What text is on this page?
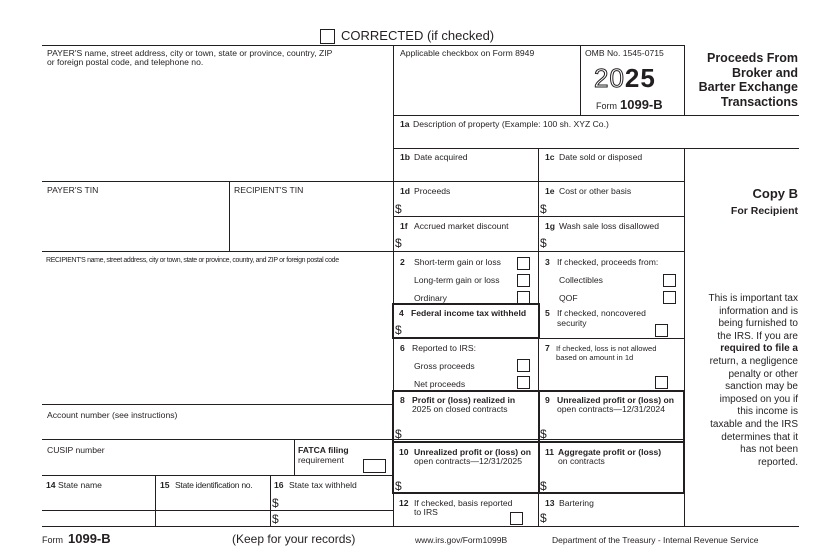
CORRECTED (if checked)
PAYER'S name, street address, city or town, state or province, country, ZIP
or foreign postal code, and telephone no.
PAYER'S TIN	RECIPIENT'S TIN
RECIPIENT'S name, street address, city or town, state or province, country, and ZIP or foreign postal code
Account number (see instructions)
CUSIP number	FATCA filing
requirement
14 State name	15 State identification no.	16 State tax withheld
$
$
Applicable checkbox on Form 8949	OMB No. 1545-0715
2025
Form 1099-B
Proceeds From
Broker and
Barter Exchange
Transactions
1a Description of property (Example: 100 sh. XYZ Co.)
1b Date acquired	1c Date sold or disposed
1d Proceeds
$
1e Cost or other basis
$
1f Accrued market discount
$
1g Wash sale loss disallowed
$
2 Short-term gain or loss
Long-term gain or loss
Ordinary
3 If checked, proceeds from:
Collectibles
QOF
4 Federal income tax withheld
$
5 If checked, noncovered
security
6 Reported to IRS:
Gross proceeds
Net proceeds
7 If checked, loss is not allowed
based on amount in 1d
8 Profit or (loss) realized in
2025 on closed contracts
$
9 Unrealized profit or (loss) on
open contracts—12/31/2024
$
10 Unrealized profit or (loss) on
open contracts—12/31/2025
$
11 Aggregate profit or (loss)
on contracts
$
12 If checked, basis reported
to IRS
13 Bartering
$
Copy B
For Recipient
This is important tax
information and is
being furnished to
the IRS. If you are
required to file a
return, a negligence
penalty or other
sanction may be
imposed on you if
this income is
taxable and the IRS
determines that it
has not been
reported.
Form 1099-B	(Keep for your records)	www.irs.gov/Form1099B	Department of the Treasury - Internal Revenue Service
